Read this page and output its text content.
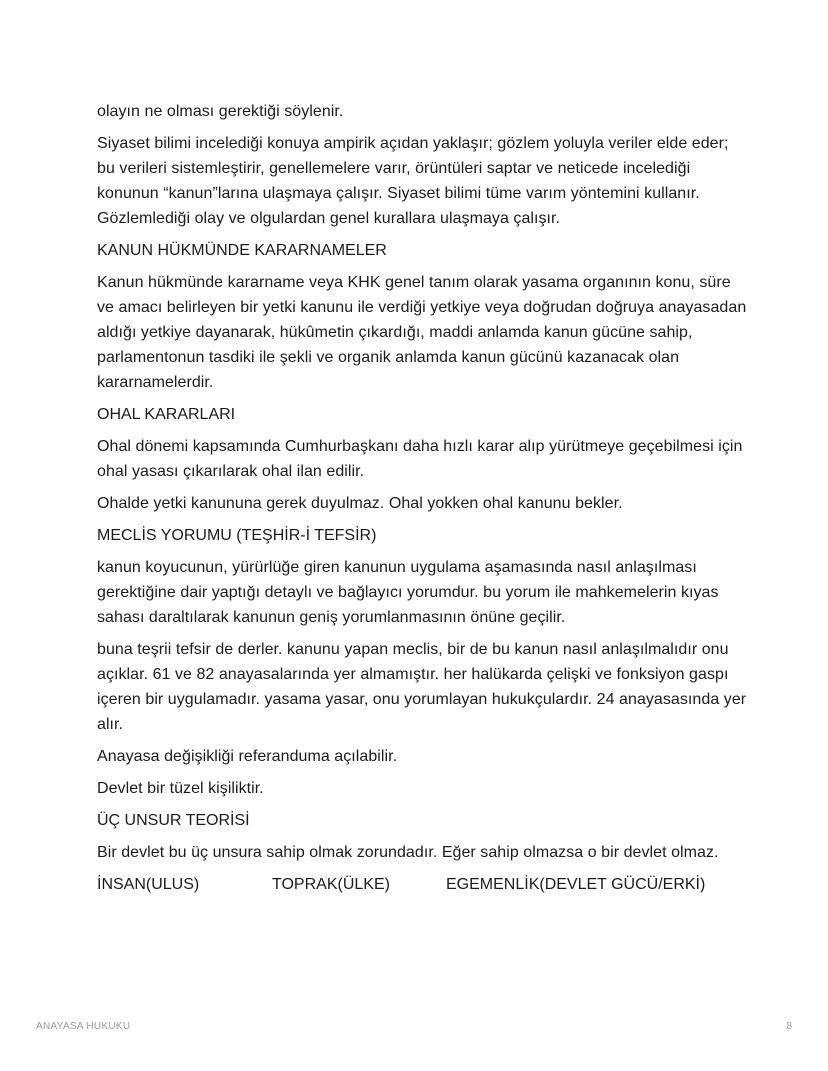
olayın ne olması gerektiği söylenir.

Siyaset bilimi incelediği konuya ampirik açıdan yaklaşır; gözlem yoluyla veriler elde eder; bu verileri sistemleştirir, genellemelere varır, örüntüleri saptar ve neticede incelediği konunun “kanun”larına ulaşmaya çalışır. Siyaset bilimi tüme varım yöntemini kullanır. Gözlemlediği olay ve olgulardan genel kurallara ulaşmaya çalışır.

KANUN HÜKMÜNDE KARARNAMELER

Kanun hükmünde kararname veya KHK genel tanım olarak yasama organının konu, süre ve amacı belirleyen bir yetki kanunu ile verdiği yetkiye veya doğrudan doğruya anayasadan aldığı yetkiye dayanarak, hükûmetin çıkardığı, maddi anlamda kanun gücüne sahip, parlamentonun tasdiki ile şekli ve organik anlamda kanun gücünü kazanacak olan kararnamelerdir.

OHAL KARARLARI

Ohal dönemi kapsamında Cumhurbaşkanı daha hızlı karar alıp yürütmeye geçebilmesi için ohal yasası çıkarılarak ohal ilan edilir.

Ohalde yetki kanununa gerek duyulmaz. Ohal yokken ohal kanunu bekler.

MECLİS YORUMU (TEŞHİR-İ TEFSİR)

kanun koyucunun, yürürlüğe giren kanunun uygulama aşamasında nasıl anlaşılması gerektiğine dair yaptığı detaylı ve bağlayıcı yorumdur. bu yorum ile mahkemelerin kıyas sahası daraltılarak kanunun geniş yorumlanmasının önüne geçilir.

buna teşrii tefsir de derler. kanunu yapan meclis, bir de bu kanun nasıl anlaşılmalıdır onu açıklar. 61 ve 82 anayasalarında yer almamıştır. her halükarda çelişki ve fonksiyon gaspı içeren bir uygulamadır. yasama yasar, onu yorumlayan hukukçulardır. 24 anayasasında yer alır.

Anayasa değişikliği referanduma açılabilir.

Devlet bir tüzel kişiliktir.

ÜÇ UNSUR TEORİSİ

Bir devlet bu üç unsura sahip olmak zorundadır. Eğer sahip olmazsa o bir devlet olmaz.

İNSAN(ULUS)	TOPRAK(ÜLKE)	EGEMENLİK(DEVLET GÜCÜ/ERKİ)
ANAYASA HUKUKU	8
